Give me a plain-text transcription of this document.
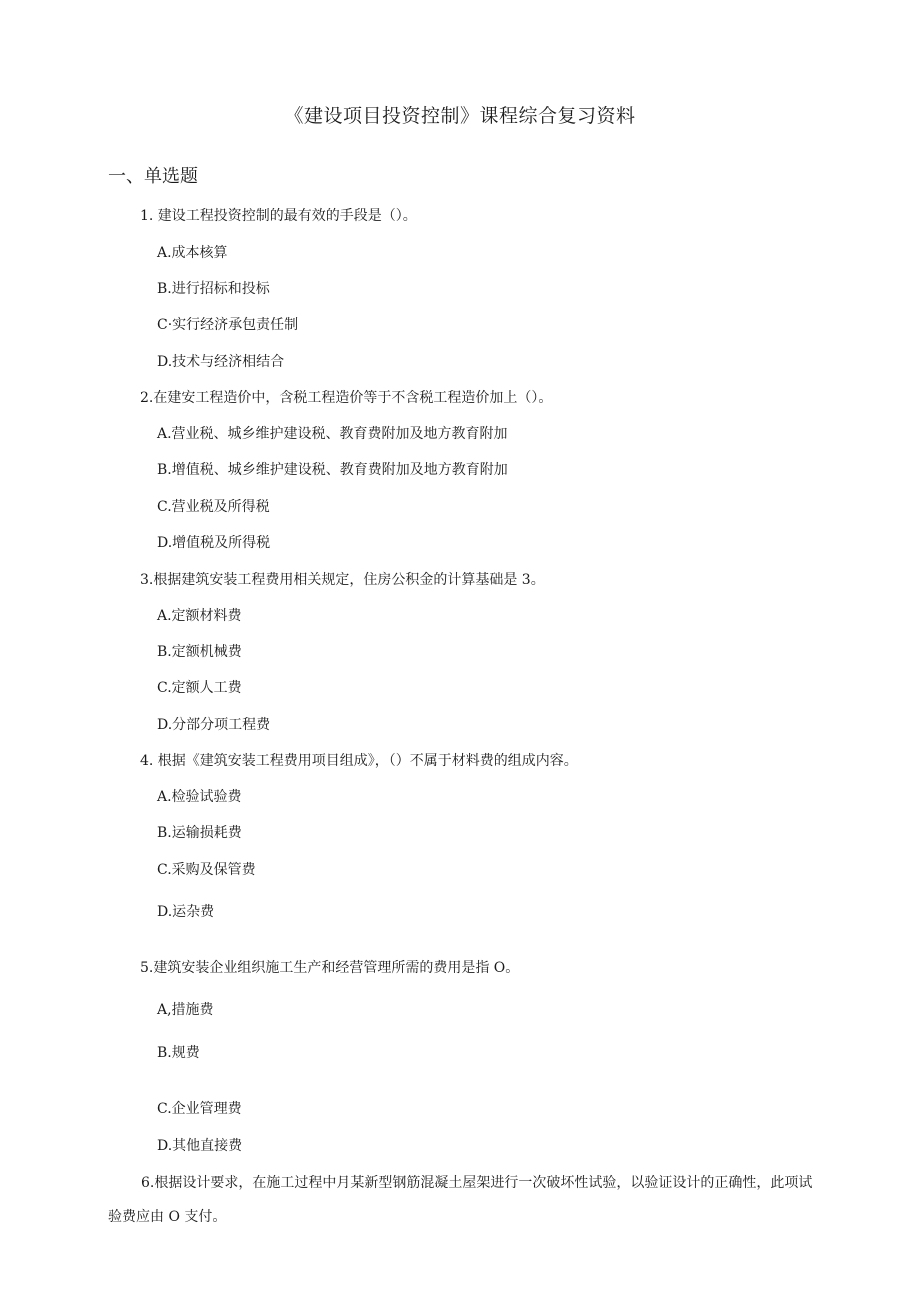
《建设项目投资控制》课程综合复习资料
一、单选题
1. 建设工程投资控制的最有效的手段是（）。
A.成本核算
B.进行招标和投标
C·实行经济承包责任制
D.技术与经济相结合
2.在建安工程造价中，含税工程造价等于不含税工程造价加上（）。
A.营业税、城乡维护建设税、教育费附加及地方教育附加
B.增值税、城乡维护建设税、教育费附加及地方教育附加
C.营业税及所得税
D.增值税及所得税
3.根据建筑安装工程费用相关规定，住房公积金的计算基础是 3。
A.定额材料费
B.定额机械费
C.定额人工费
D.分部分项工程费
4. 根据《建筑安装工程费用项目组成》，（）不属于材料费的组成内容。
A.检验试验费
B.运输损耗费
C.采购及保管费
D.运杂费
5.建筑安装企业组织施工生产和经营管理所需的费用是指 O。
A,措施费
B.规费
C.企业管理费
D.其他直接费
6.根据设计要求，在施工过程中月某新型钢筋混凝土屋架进行一次破坏性试验，以验证设计的正确性，此项试验费应由 O 支付。
